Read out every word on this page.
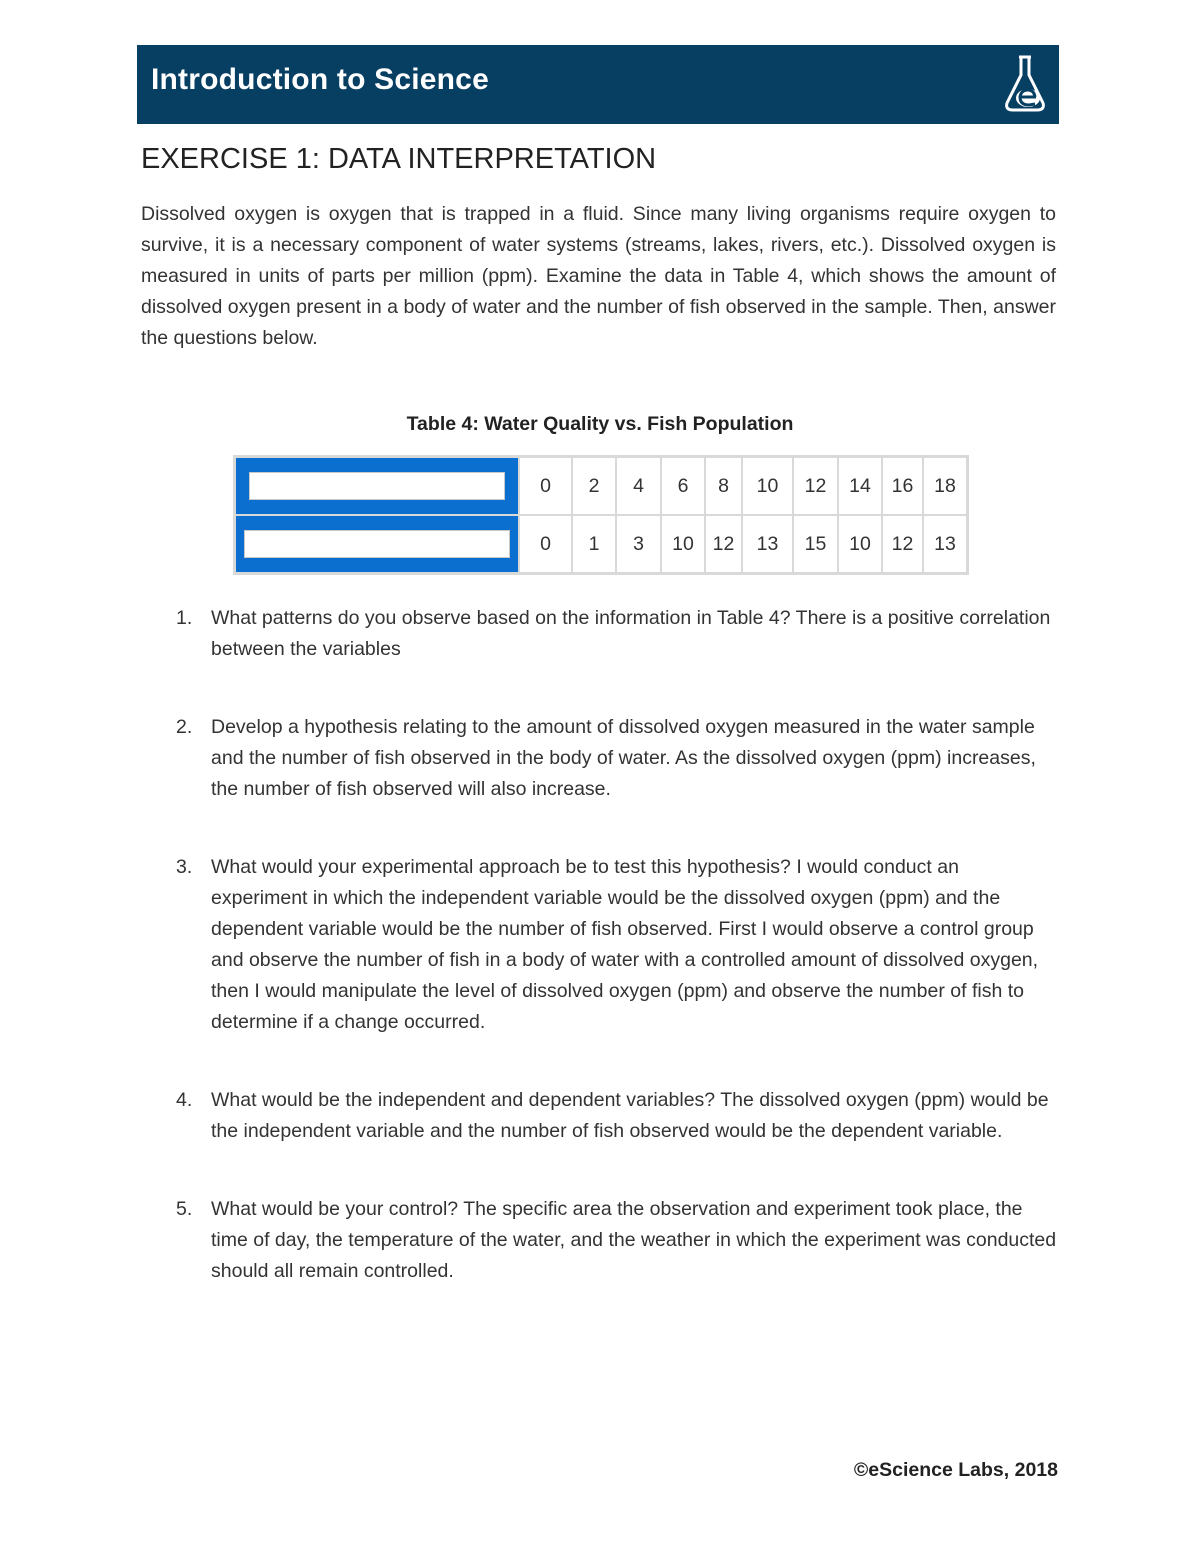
Introduction to Science
EXERCISE 1: DATA INTERPRETATION

Dissolved oxygen is oxygen that is trapped in a fluid. Since many living organisms require oxygen to survive, it is a necessary component of water systems (streams, lakes, rivers, etc.). Dissolved oxygen is measured in units of parts per million (ppm). Examine the data in Table 4, which shows the amount of dissolved oxygen present in a body of water and the number of fish observed in the sample. Then, answer the questions below.

Table 4: Water Quality vs. Fish Population
	0	2	4	6	8	10	12	14	16	18

	0	1	3	10	12	13	15	10	12	13
1. What patterns do you observe based on the information in Table 4? There is a positive correlation between the variables
2. Develop a hypothesis relating to the amount of dissolved oxygen measured in the water sample and the number of fish observed in the body of water. As the dissolved oxygen (ppm) increases, the number of fish observed will also increase.
3. What would your experimental approach be to test this hypothesis? I would conduct an experiment in which the independent variable would be the dissolved oxygen (ppm) and the dependent variable would be the number of fish observed. First I would observe a control group and observe the number of fish in a body of water with a controlled amount of dissolved oxygen, then I would manipulate the level of dissolved oxygen (ppm) and observe the number of fish to determine if a change occurred.
4. What would be the independent and dependent variables? The dissolved oxygen (ppm) would be the independent variable and the number of fish observed would be the dependent variable.
5. What would be your control? The specific area the observation and experiment took place, the time of day, the temperature of the water, and the weather in which the experiment was conducted should all remain controlled.
©eScience Labs, 2018
